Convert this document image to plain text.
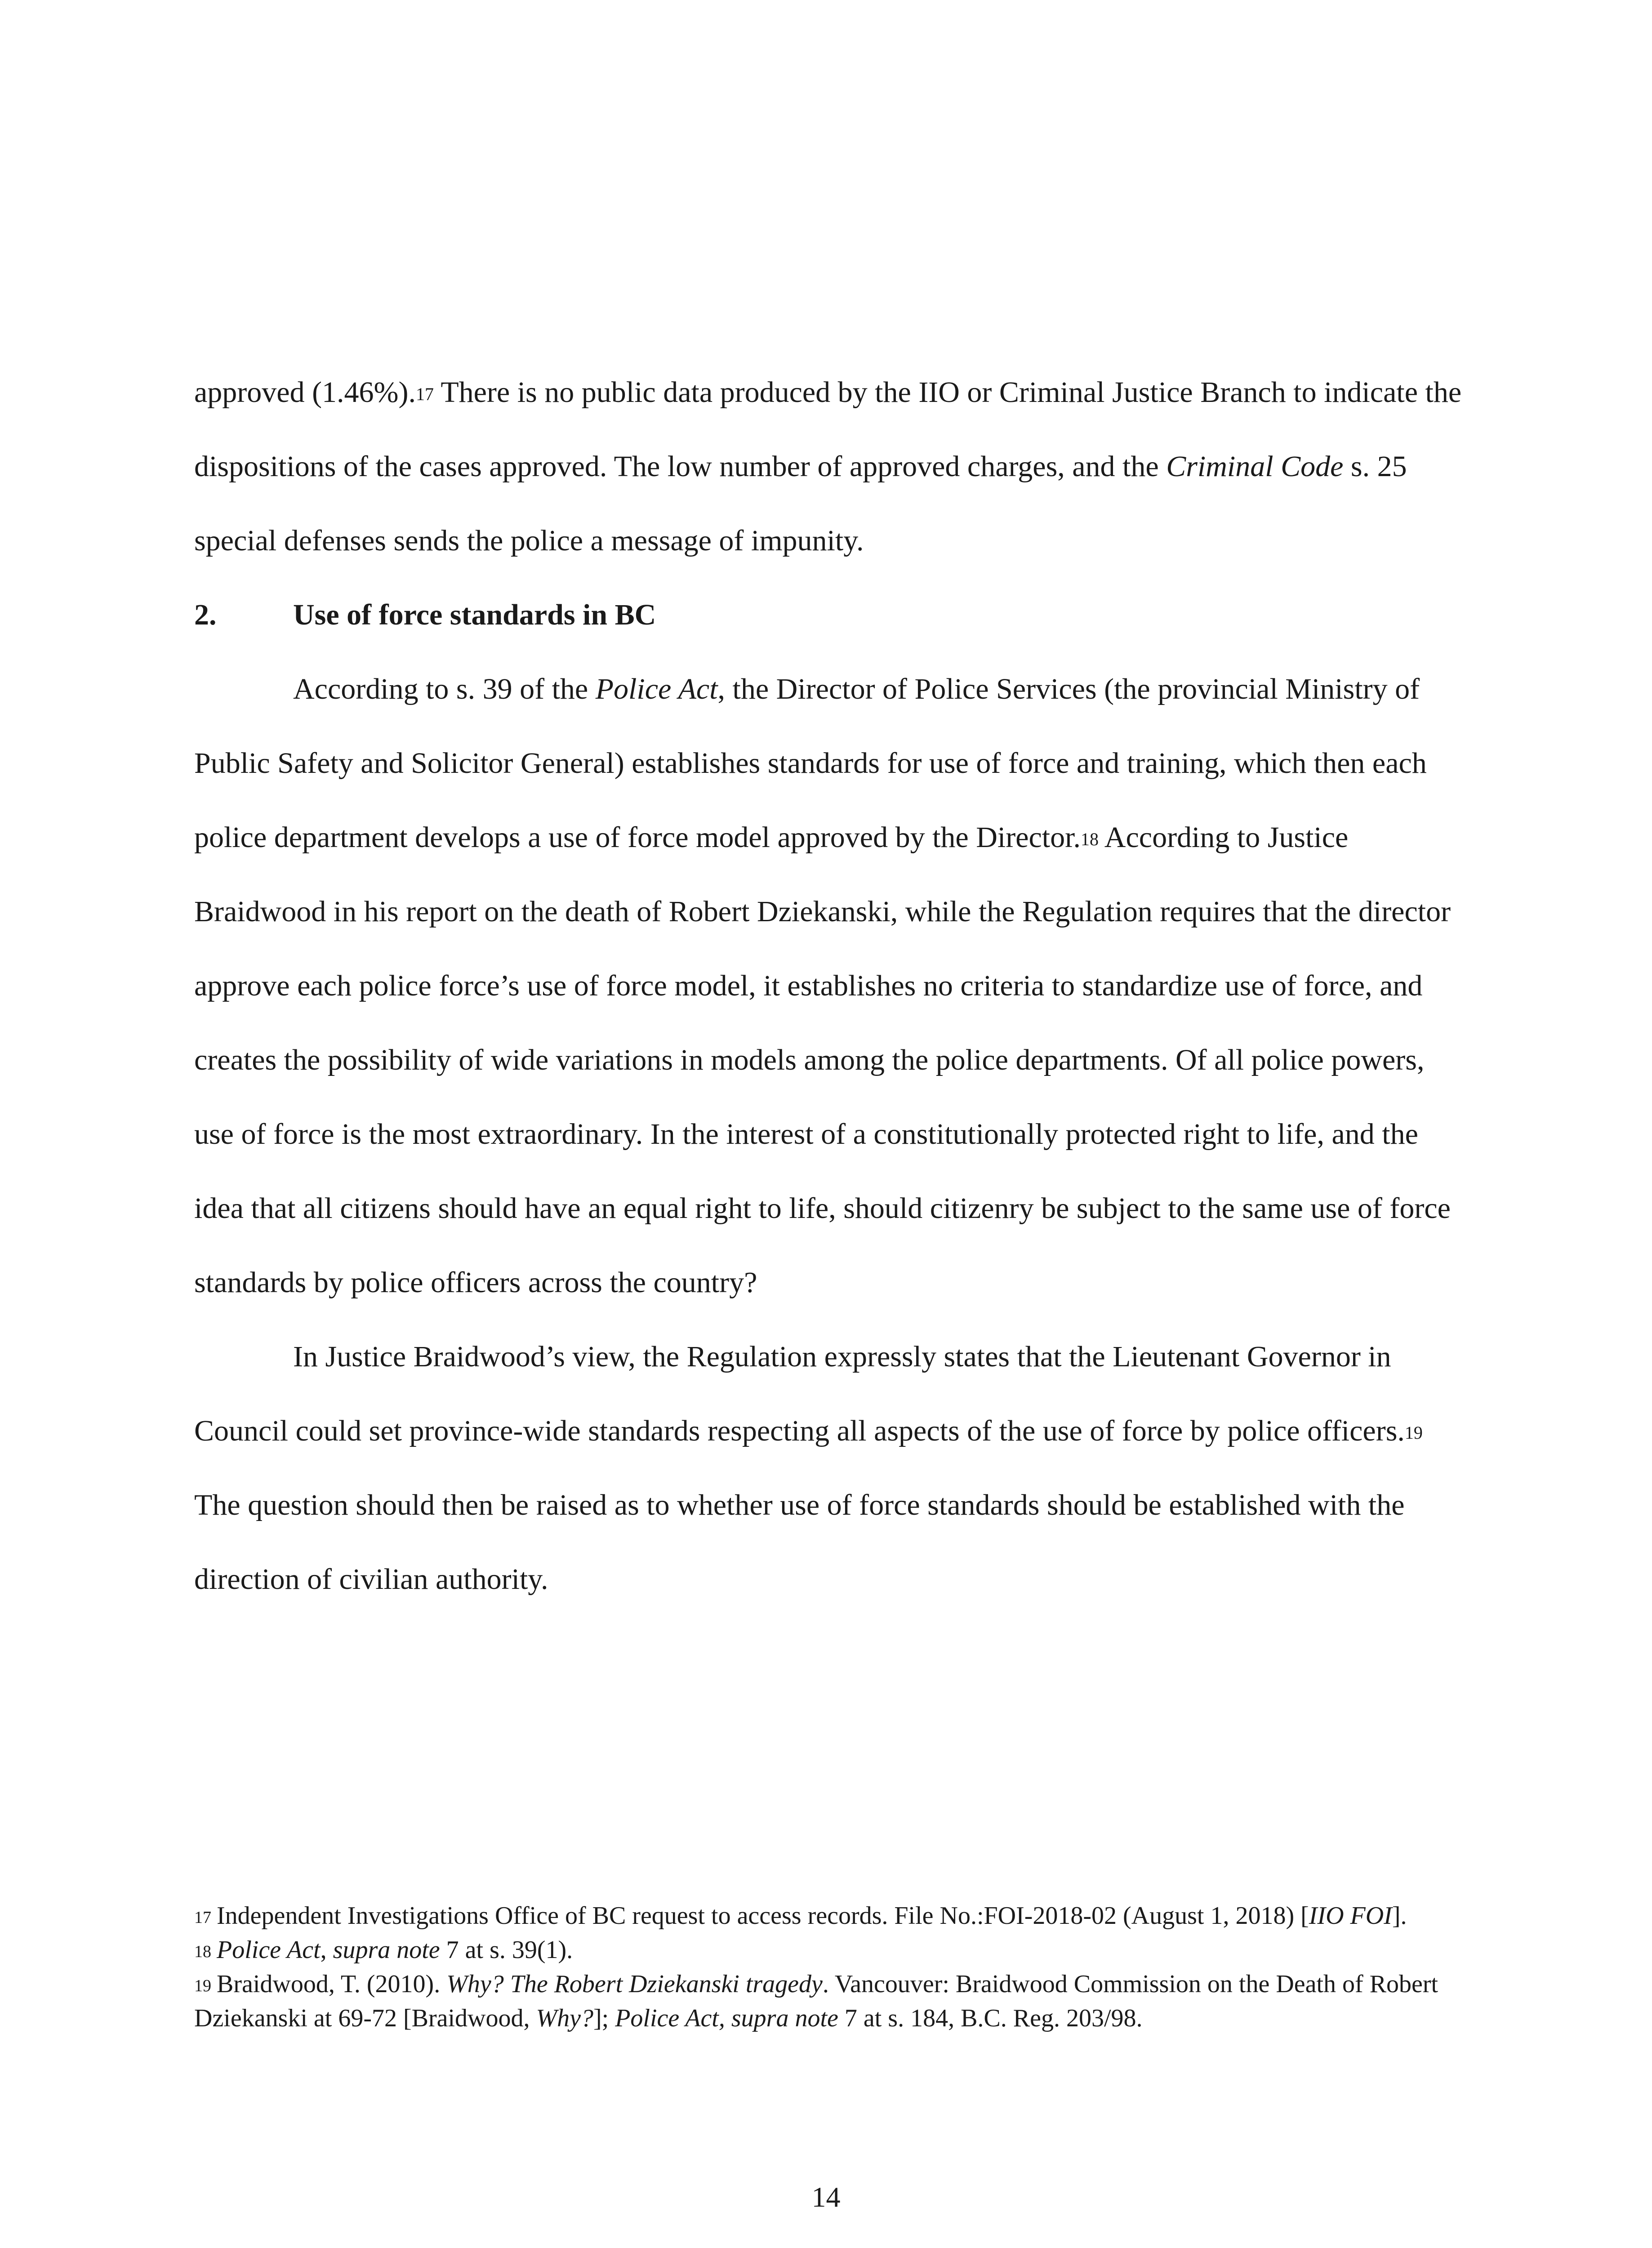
approved (1.46%).$^{17}$ There is no public data produced by the IIO or Criminal Justice Branch to indicate the dispositions of the cases approved. The low number of approved charges, and the Criminal Code s. 25 special defenses sends the police a message of impunity.

2.	Use of force standards in BC

According to s. 39 of the Police Act, the Director of Police Services (the provincial Ministry of Public Safety and Solicitor General) establishes standards for use of force and training, which then each police department develops a use of force model approved by the Director.$^{18}$ According to Justice Braidwood in his report on the death of Robert Dziekanski, while the Regulation requires that the director approve each police force’s use of force model, it establishes no criteria to standardize use of force, and creates the possibility of wide variations in models among the police departments. Of all police powers, use of force is the most extraordinary. In the interest of a constitutionally protected right to life, and the idea that all citizens should have an equal right to life, should citizenry be subject to the same use of force standards by police officers across the country?

In Justice Braidwood’s view, the Regulation expressly states that the Lieutenant Governor in Council could set province-wide standards respecting all aspects of the use of force by police officers.$^{19}$ The question should then be raised as to whether use of force standards should be established with the direction of civilian authority.

17 Independent Investigations Office of BC request to access records. File No.:FOI-2018-02 (August 1, 2018) [IIO FOI].

18 Police Act, supra note 7 at s. 39(1).

19 Braidwood, T. (2010). Why? The Robert Dziekanski tragedy. Vancouver: Braidwood Commission on the Death of Robert Dziekanski at 69-72 [Braidwood, Why?]; Police Act, supra note 7 at s. 184, B.C. Reg. 203/98.

14
